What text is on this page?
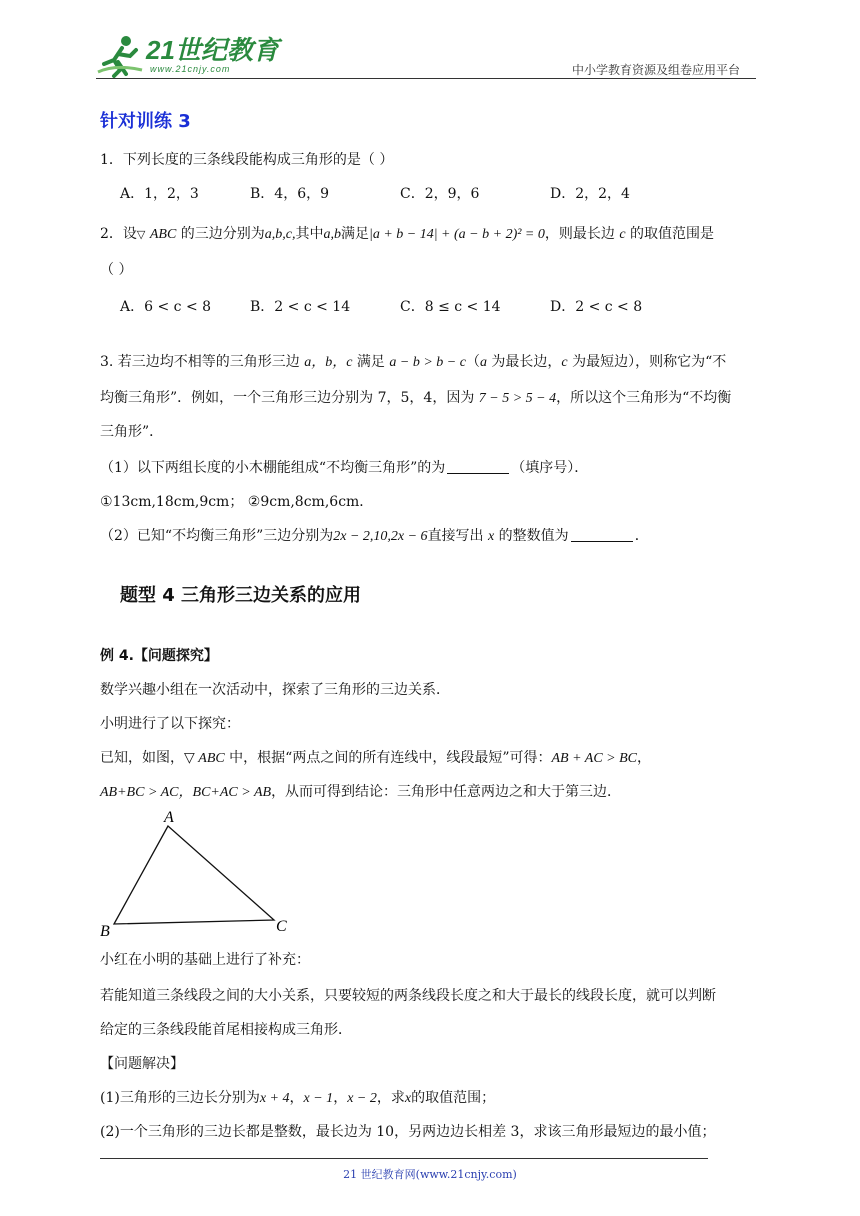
21世纪教育
www.21cnjy.com	中小学教育资源及组卷应用平台
针对训练 3
1．下列长度的三条线段能构成三角形的是（ ）
A．1，2，3	B．4，6，9	C．2，9，6	D．2，2，4
2．设▽ ABC 的三边分别为a,b,c,其中a,b满足|a + b − 14| + (a − b + 2)² = 0，则最长边 c 的取值范围是
（ ）
A．6 < c < 8	B．2 < c < 14	C．8 ≤ c < 14	D．2 < c < 8
3. 若三边均不相等的三角形三边 a，b，c 满足 a − b > b − c（a 为最长边，c 为最短边），则称它为“不
均衡三角形”．例如，一个三角形三边分别为 7，5，4，因为 7 − 5 > 5 − 4，所以这个三角形为“不均衡
三角形”．
（1）以下两组长度的小木棚能组成“不均衡三角形”的为	（填序号）．
①13cm,18cm,9cm； ②9cm,8cm,6cm．
（2）已知“不均衡三角形”三边分别为2x − 2,10,2x − 6直接写出 x 的整数值为	．
题型 4 三角形三边关系的应用
例 4.【问题探究】
数学兴趣小组在一次活动中，探索了三角形的三边关系．
小明进行了以下探究：
已知，如图，▽ ABC 中，根据“两点之间的所有连线中，线段最短”可得：AB + AC > BC，
AB+BC > AC，BC+AC > AB，从而可得到结论：三角形中任意两边之和大于第三边．
A
B	C
小红在小明的基础上进行了补充：
若能知道三条线段之间的大小关系，只要较短的两条线段长度之和大于最长的线段长度，就可以判断
给定的三条线段能首尾相接构成三角形．
【问题解决】
(1)三角形的三边长分别为x + 4，x − 1，x − 2，求x的取值范围；
(2)一个三角形的三边长都是整数，最长边为 10，另两边边长相差 3，求该三角形最短边的最小值；
21 世纪教育网(www.21cnjy.com)
